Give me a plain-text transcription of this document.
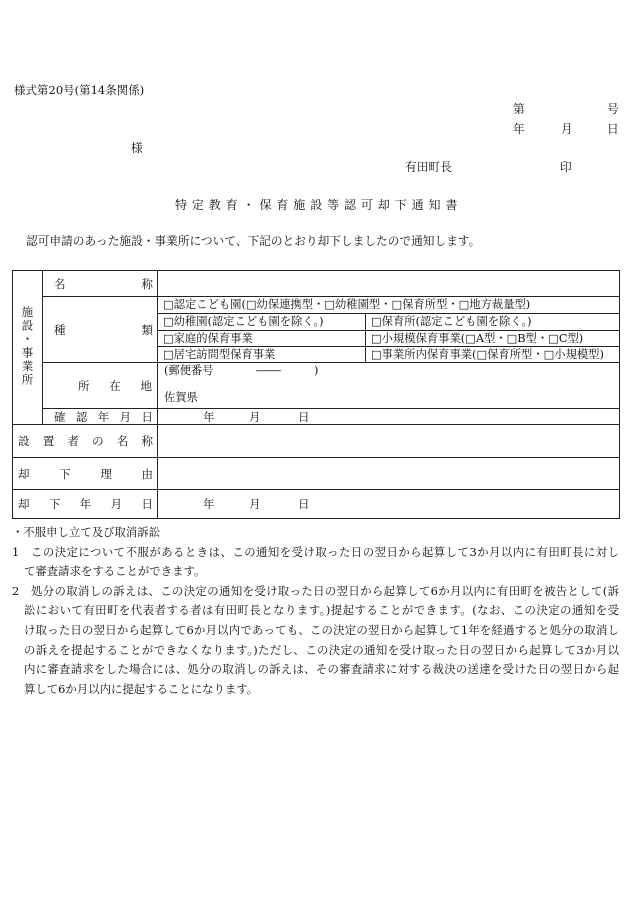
様式第20号(第14条関係)
第	号
年	月	日
様
有田町長	印
特定教育・保育施設等認可却下通知書
認可申請のあった施設・事業所について、下記のとおり却下しましたので通知します。
施設・事業所	名称		

	種類	□認定こども園(□幼保連携型・□幼稚園型・□保育所型・□地方裁量型)	
		□幼稚園(認定こども園を除く。)	□保育所(認定こども園を除く。)
		□家庭的保育事業	□小規模保育事業(□A型・□B型・□C型)
		□居宅訪問型保育事業	□事業所内保育事業(□保育所型・□小規模型)

	所在地	(郵便番号 — )
佐賀県	

	確認年月日	年 月 日	

設置者の名称			

却下理由			

却下年月日		年 月 日	
・不服申し立て及び取消訴訟
1	この決定について不服があるときは、この通知を受け取った日の翌日から起算して3か月以内に有田町長に対し
て審査請求をすることができます。
2	処分の取消しの訴えは、この決定の通知を受け取った日の翌日から起算して6か月以内に有田町を被告として(訴
訟において有田町を代表者する者は有田町長となります。)提起することができます。(なお、この決定の通知を受
け取った日の翌日から起算して6か月以内であっても、この決定の翌日から起算して1年を経過すると処分の取消し
の訴えを提起することができなくなります。)ただし、この決定の通知を受け取った日の翌日から起算して3か月以
内に審査請求をした場合には、処分の取消しの訴えは、その審査請求に対する裁決の送達を受けた日の翌日から起
算して6か月以内に提起することになります。
